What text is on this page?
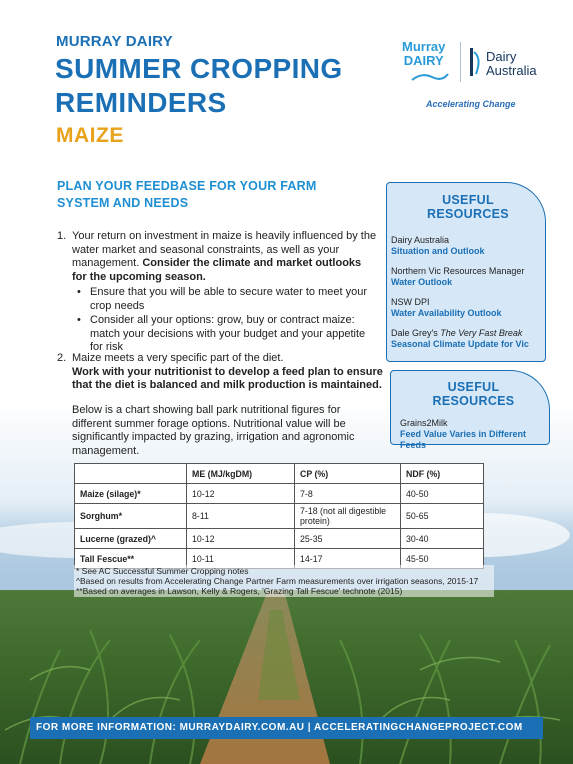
MURRAY DAIRY
SUMMER CROPPING
REMINDERS
MAIZE
Murray
DAIRY	Dairy
Australia
Accelerating Change
PLAN YOUR FEEDBASE FOR YOUR FARM SYSTEM AND NEEDS
1. Your return on investment in maize is heavily influenced by the water market and seasonal constraints, as well as your management. Consider the climate and market outlooks for the upcoming season.
• Ensure that you will be able to secure water to meet your crop needs
• Consider all your options: grow, buy or contract maize: match your decisions with your budget and your appetite for risk
2. Maize meets a very specific part of the diet.
Work with your nutritionist to develop a feed plan to ensure that the diet is balanced and milk production is maintained.
Below is a chart showing ball park nutritional figures for different summer forage options. Nutritional value will be significantly impacted by grazing, irrigation and agronomic management.
USEFUL RESOURCES
Dairy Australia
Situation and Outlook
Northern Vic Resources Manager
Water Outlook
NSW DPI
Water Availability Outlook
Dale Grey's The Very Fast Break
Seasonal Climate Update for Vic
USEFUL RESOURCES
Grains2Milk
Feed Value Varies in Different Feeds
	ME (MJ/kgDM)	CP (%)	NDF (%)
Maize (silage)*	10-12	7-8	40-50
Sorghum*	8-11	7-18 (not all digestible protein)	50-65
Lucerne (grazed)^	10-12	25-35	30-40
Tall Fescue**	10-11	14-17	45-50
* See AC Successful Summer Cropping notes
^Based on results from Accelerating Change Partner Farm measurements over irrigation seasons, 2015-17
**Based on averages in Lawson, Kelly & Rogers, 'Grazing Tall Fescue' technote (2015)
FOR MORE INFORMATION: MURRAYDAIRY.COM.AU | ACCELERATINGCHANGEPROJECT.COM
